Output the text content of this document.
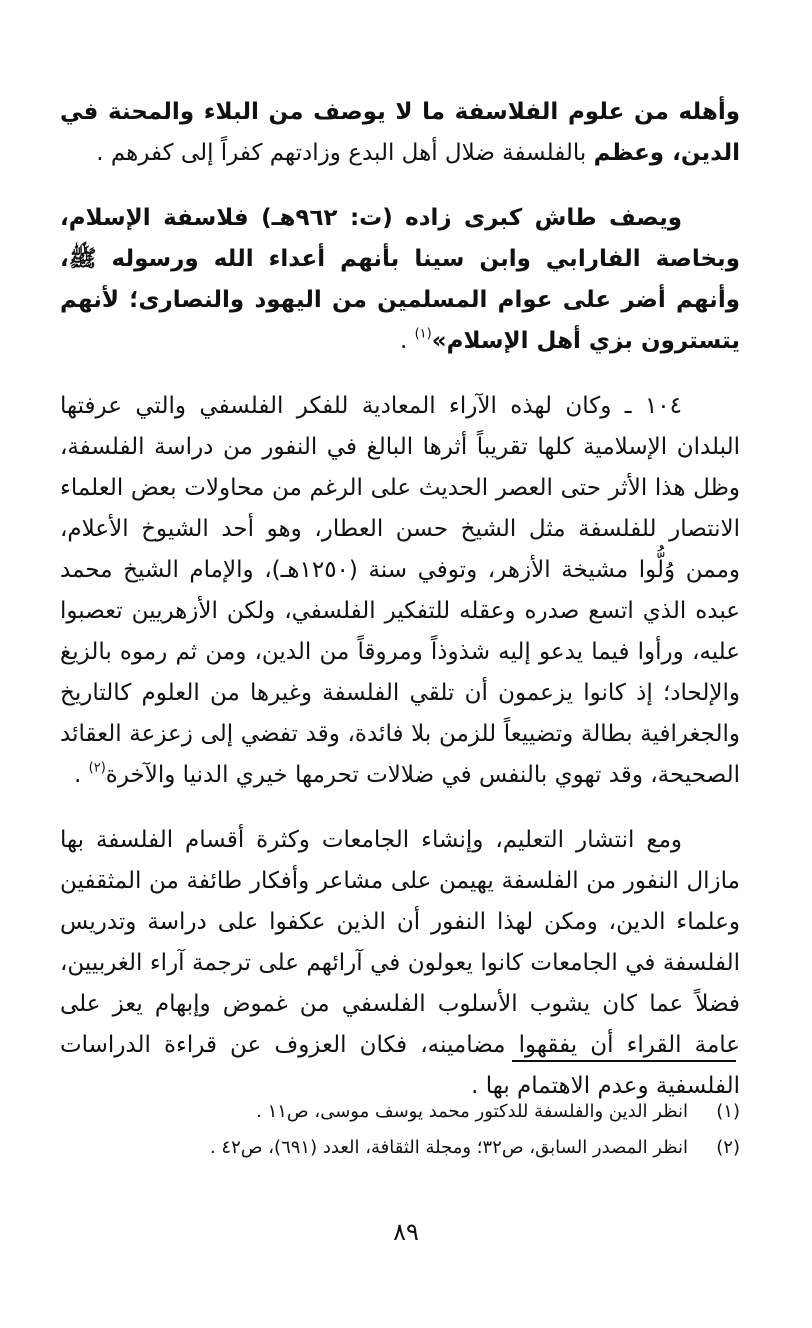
وأهله من علوم الفلاسفة ما لا يوصف من البلاء والمحنة في الدين، وعظم بالفلسفة ضلال أهل البدع وزادتهم كفراً إلى كفرهم .

ويصف طاش كبرى زاده (ت: ٩٦٢هـ) فلاسفة الإسلام، وبخاصة الفارابي وابن سينا بأنهم أعداء الله ورسوله ﷺ، وأنهم أضر على عوام المسلمين من اليهود والنصارى؛ لأنهم يتسترون بزي أهل الإسلام»$^{(١)}$ .

١٠٤ ـ وكان لهذه الآراء المعادية للفكر الفلسفي والتي عرفتها البلدان الإسلامية كلها تقريباً أثرها البالغ في النفور من دراسة الفلسفة، وظل هذا الأثر حتى العصر الحديث على الرغم من محاولات بعض العلماء الانتصار للفلسفة مثل الشيخ حسن العطار، وهو أحد الشيوخ الأعلام، وممن وُلُّوا مشيخة الأزهر، وتوفي سنة (١٢٥٠هـ)، والإمام الشيخ محمد عبده الذي اتسع صدره وعقله للتفكير الفلسفي، ولكن الأزهريين تعصبوا عليه، ورأوا فيما يدعو إليه شذوذاً ومروقاً من الدين، ومن ثم رموه بالزيغ والإلحاد؛ إذ كانوا يزعمون أن تلقي الفلسفة وغيرها من العلوم كالتاريخ والجغرافية بطالة وتضييعاً للزمن بلا فائدة، وقد تفضي إلى زعزعة العقائد الصحيحة، وقد تهوي بالنفس في ضلالات تحرمها خيري الدنيا والآخرة$^{(٢)}$ .

ومع انتشار التعليم، وإنشاء الجامعات وكثرة أقسام الفلسفة بها مازال النفور من الفلسفة يهيمن على مشاعر وأفكار طائفة من المثقفين وعلماء الدين، ومكن لهذا النفور أن الذين عكفوا على دراسة وتدريس الفلسفة في الجامعات كانوا يعولون في آرائهم على ترجمة آراء الغربيين، فضلاً عما كان يشوب الأسلوب الفلسفي من غموض وإبهام يعز على عامة القراء أن يفقهوا مضامينه، فكان العزوف عن قراءة الدراسات الفلسفية وعدم الاهتمام بها .

(١)
انظر الدين والفلسفة للدكتور محمد يوسف موسى، ص١١ .
(٢)
انظر المصدر السابق، ص٣٢؛ ومجلة الثقافة، العدد (٦٩١)، ص٤٢ .
٨٩
